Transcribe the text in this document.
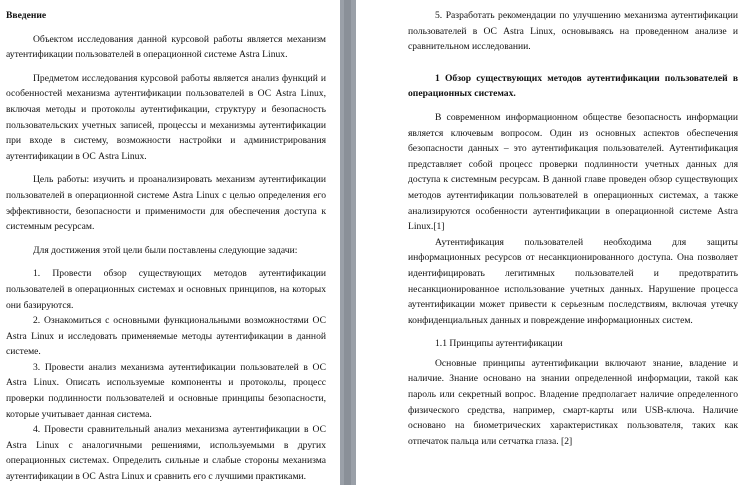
Введение

Объектом исследования данной курсовой работы является механизм аутентификации пользователей в операционной системе Astra Linux.

Предметом исследования курсовой работы является анализ функций и особенностей механизма аутентификации пользователей в ОС Astra Linux, включая методы и протоколы аутентификации, структуру и безопасность пользовательских учетных записей, процессы и механизмы аутентификации при входе в систему, возможности настройки и администрирования аутентификации в ОС Astra Linux.

Цель работы: изучить и проанализировать механизм аутентификации пользователей в операционной системе Astra Linux с целью определения его эффективности, безопасности и применимости для обеспечения доступа к системным ресурсам.

Для достижения этой цели были поставлены следующие задачи:

1. Провести обзор существующих методов аутентификации пользователей в операционных системах и основных принципов, на которых они базируются.

2. Ознакомиться с основными функциональными возможностями ОС Astra Linux и исследовать применяемые методы аутентификации в данной системе.

3. Провести анализ механизма аутентификации пользователей в ОС Astra Linux. Описать используемые компоненты и протоколы, процесс проверки подлинности пользователей и основные принципы безопасности, которые учитывает данная система.

4. Провести сравнительный анализ механизма аутентификации в ОС Astra Linux с аналогичными решениями, используемыми в других операционных системах. Определить сильные и слабые стороны механизма аутентификации в ОС Astra Linux и сравнить его с лучшими практиками.

5. Разработать рекомендации по улучшению механизма аутентификации пользователей в ОС Astra Linux, основываясь на проведенном анализе и сравнительном исследовании.

1 Обзор существующих методов аутентификации пользователей в операционных системах.

В современном информационном обществе безопасность информации является ключевым вопросом. Один из основных аспектов обеспечения безопасности данных – это аутентификация пользователей. Аутентификация представляет собой процесс проверки подлинности учетных данных для доступа к системным ресурсам. В данной главе проведен обзор существующих методов аутентификации пользователей в операционных системах, а также анализируются особенности аутентификации в операционной системе Astra Linux.[1]

Аутентификация пользователей необходима для защиты информационных ресурсов от несанкционированного доступа. Она позволяет идентифицировать легитимных пользователей и предотвратить несанкционированное использование учетных данных. Нарушение процесса аутентификации может привести к серьезным последствиям, включая утечку конфиденциальных данных и повреждение информационных систем.

1.1 Принципы аутентификации

Основные принципы аутентификации включают знание, владение и наличие. Знание основано на знании определенной информации, такой как пароль или секретный вопрос. Владение предполагает наличие определенного физического средства, например, смарт-карты или USB-ключа. Наличие основано на биометрических характеристиках пользователя, таких как отпечаток пальца или сетчатка глаза. [2]
